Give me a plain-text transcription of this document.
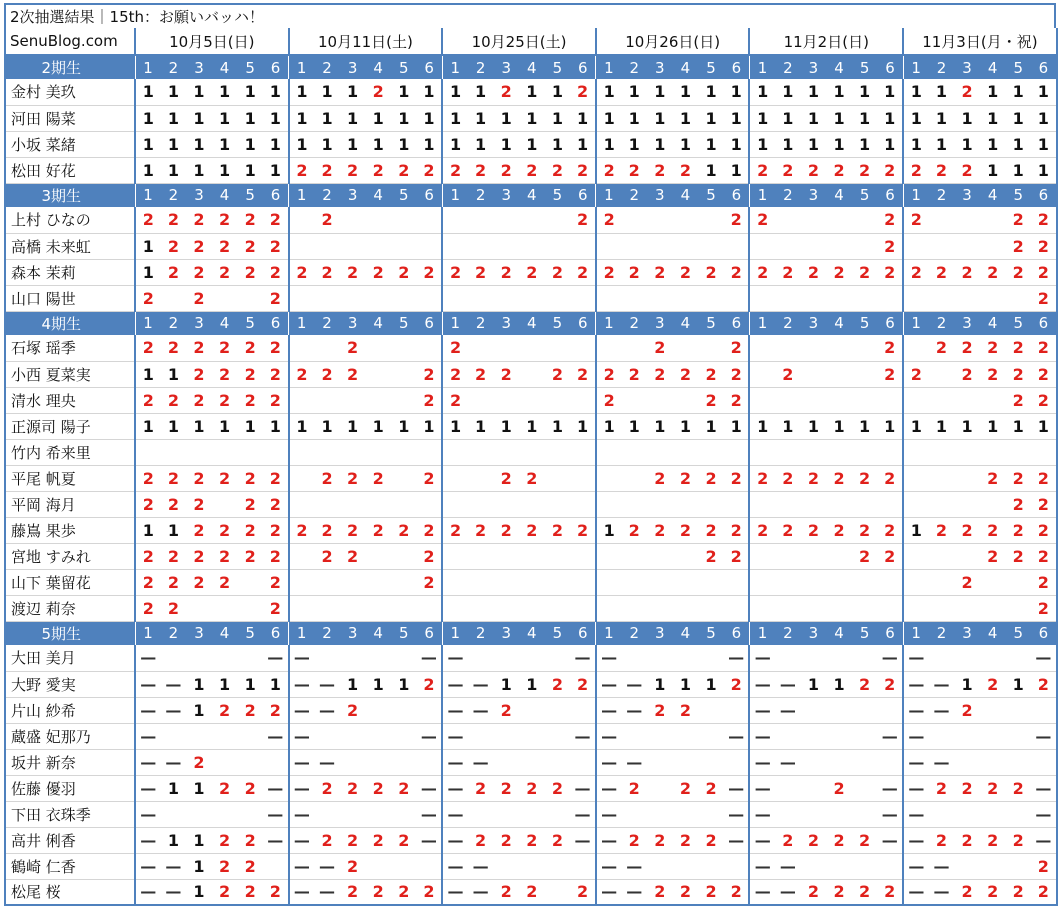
2次抽選結果｜15th：お願いバッハ！
SenuBlog.com	10月5日(日)						10月11日(土)						10月25日(土)						10月26日(日)						11月2日(日)						11月3日(月・祝)					
2期生	1	2	3	4	5	6	1	2	3	4	5	6	1	2	3	4	5	6	1	2	3	4	5	6	1	2	3	4	5	6	1	2	3	4	5	6
金村 美玖	1	1	1	1	1	1	1	1	1	2	1	1	1	1	2	1	1	2	1	1	1	1	1	1	1	1	1	1	1	1	1	1	2	1	1	1
河田 陽菜	1	1	1	1	1	1	1	1	1	1	1	1	1	1	1	1	1	1	1	1	1	1	1	1	1	1	1	1	1	1	1	1	1	1	1	1
小坂 菜緒	1	1	1	1	1	1	1	1	1	1	1	1	1	1	1	1	1	1	1	1	1	1	1	1	1	1	1	1	1	1	1	1	1	1	1	1
松田 好花	1	1	1	1	1	1	2	2	2	2	2	2	2	2	2	2	2	2	2	2	2	2	1	1	2	2	2	2	2	2	2	2	2	1	1	1
3期生	1	2	3	4	5	6	1	2	3	4	5	6	1	2	3	4	5	6	1	2	3	4	5	6	1	2	3	4	5	6	1	2	3	4	5	6
上村 ひなの	2	2	2	2	2	2		2										2	2					2	2					2	2				2	2
高橋 未来虹	1	2	2	2	2	2																								2					2	2
森本 茉莉	1	2	2	2	2	2	2	2	2	2	2	2	2	2	2	2	2	2	2	2	2	2	2	2	2	2	2	2	2	2	2	2	2	2	2	2
山口 陽世	2		2			2																														2
4期生	1	2	3	4	5	6	1	2	3	4	5	6	1	2	3	4	5	6	1	2	3	4	5	6	1	2	3	4	5	6	1	2	3	4	5	6
石塚 瑶季	2	2	2	2	2	2			2				2								2			2						2		2	2	2	2	2
小西 夏菜実	1	1	2	2	2	2	2	2	2			2	2	2	2		2	2	2	2	2	2	2	2		2				2	2		2	2	2	2
清水 理央	2	2	2	2	2	2						2	2						2				2	2											2	2
正源司 陽子	1	1	1	1	1	1	1	1	1	1	1	1	1	1	1	1	1	1	1	1	1	1	1	1	1	1	1	1	1	1	1	1	1	1	1	1
竹内 希来里																																				
平尾 帆夏	2	2	2	2	2	2		2	2	2		2			2	2					2	2	2	2	2	2	2	2	2	2				2	2	2
平岡 海月	2	2	2		2	2																													2	2
藤嶌 果歩	1	1	2	2	2	2	2	2	2	2	2	2	2	2	2	2	2	2	1	2	2	2	2	2	2	2	2	2	2	2	1	2	2	2	2	2
宮地 すみれ	2	2	2	2	2	2		2	2			2											2	2					2	2				2	2	2
山下 葉留花	2	2	2	2		2						2																					2			2
渡辺 莉奈	2	2				2																														2
5期生	1	2	3	4	5	6	1	2	3	4	5	6	1	2	3	4	5	6	1	2	3	4	5	6	1	2	3	4	5	6	1	2	3	4	5	6
大田 美月	—					—	—					—	—					—	—					—	—					—	—					—
大野 愛実	—	—	1	1	1	1	—	—	1	1	1	2	—	—	1	1	2	2	—	—	1	1	1	2	—	—	1	1	2	2	—	—	1	2	1	2
片山 紗希	—	—	1	2	2	2	—	—	2				—	—	2				—	—	2	2			—	—					—	—	2			
蔵盛 妃那乃	—					—	—					—	—					—	—					—	—					—	—					—
坂井 新奈	—	—	2				—	—					—	—					—	—					—	—					—	—				
佐藤 優羽	—	1	1	2	2	—	—	2	2	2	2	—	—	2	2	2	2	—	—	2		2	2	—	—			2		—	—	2	2	2	2	—
下田 衣珠季	—					—	—					—	—					—	—					—	—					—	—					—
高井 俐香	—	1	1	2	2	—	—	2	2	2	2	—	—	2	2	2	2	—	—	2	2	2	2	—	—	2	2	2	2	—	—	2	2	2	2	—
鶴崎 仁香	—	—	1	2	2		—	—	2				—	—					—	—					—	—					—	—				2
松尾 桜	—	—	1	2	2	2	—	—	2	2	2	2	—	—	2	2		2	—	—	2	2	2	2	—	—	2	2	2	2	—	—	2	2	2	2
